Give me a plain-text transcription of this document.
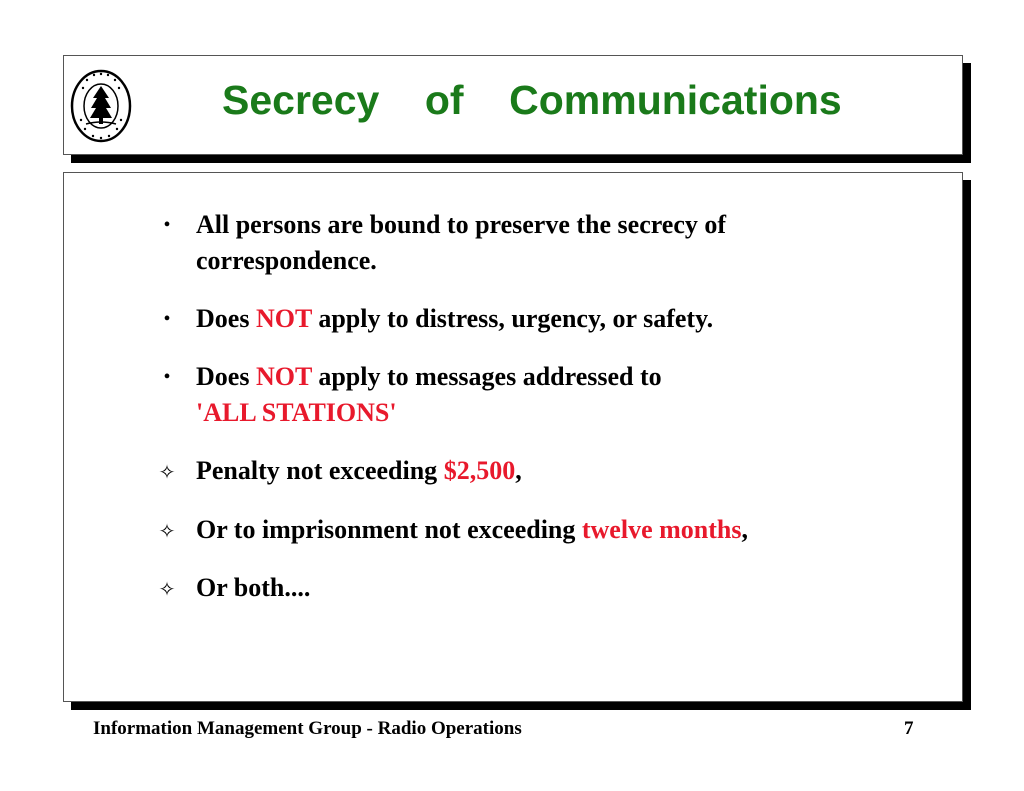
Secrecy    of    Communications
• All persons are bound to preserve the secrecy of
correspondence.
• Does NOT apply to distress, urgency, or safety.
• Does NOT apply to messages addressed to
'ALL STATIONS'
✧ Penalty not exceeding $2,500,
✧ Or to imprisonment not exceeding twelve months,
✧ Or both....
Information Management Group - Radio Operations	7
